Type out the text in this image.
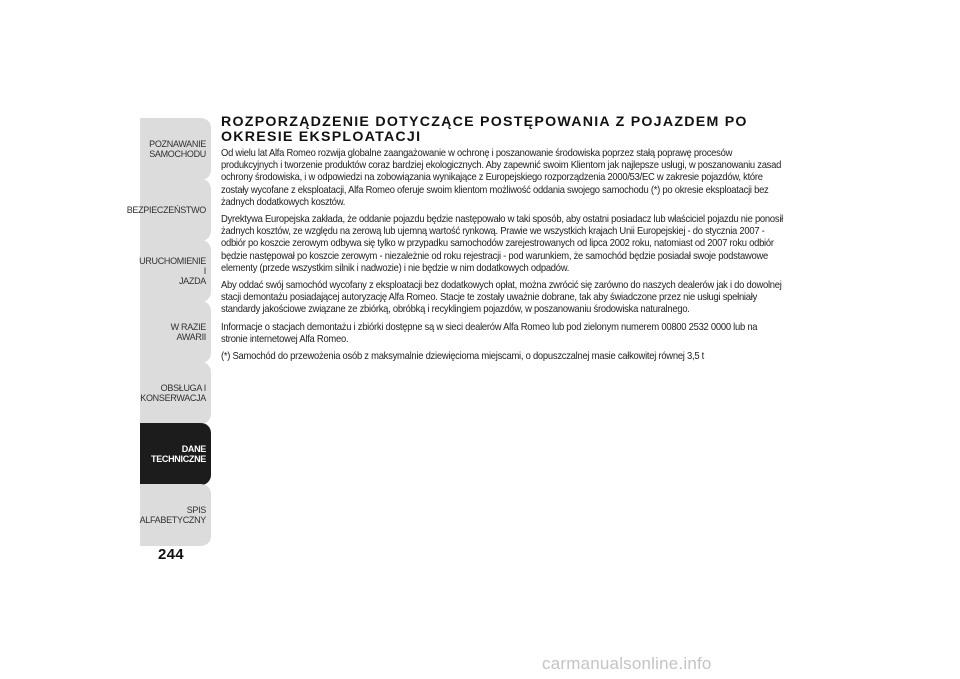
POZNAWANIE
SAMOCHODU
BEZPIECZEŃSTWO
URUCHOMIENIE I
JAZDA
W RAZIE AWARII
OBSŁUGA I
KONSERWACJA
DANE
TECHNICZNE
SPIS ALFABETYCZNY
244
ROZPORZĄDZENIE DOTYCZĄCE POSTĘPOWANIA Z POJAZDEM PO
OKRESIE EKSPLOATACJI

Od wielu lat Alfa Romeo rozwija globalne zaangażowanie w ochronę i poszanowanie środowiska poprzez stałą poprawę procesów
produkcyjnych i tworzenie produktów coraz bardziej ekologicznych. Aby zapewnić swoim Klientom jak najlepsze usługi, w poszanowaniu zasad
ochrony środowiska, i w odpowiedzi na zobowiązania wynikające z Europejskiego rozporządzenia 2000/53/EC w zakresie pojazdów, które
zostały wycofane z eksploatacji, Alfa Romeo oferuje swoim klientom możliwość oddania swojego samochodu (*) po okresie eksploatacji bez
żadnych dodatkowych kosztów.

Dyrektywa Europejska zakłada, że oddanie pojazdu będzie następowało w taki sposób, aby ostatni posiadacz lub właściciel pojazdu nie ponosił
żadnych kosztów, ze względu na zerową lub ujemną wartość rynkową. Prawie we wszystkich krajach Unii Europejskiej - do stycznia 2007 -
odbiór po koszcie zerowym odbywa się tylko w przypadku samochodów zarejestrowanych od lipca 2002 roku, natomiast od 2007 roku odbiór
będzie następował po koszcie zerowym - niezależnie od roku rejestracji - pod warunkiem, że samochód będzie posiadał swoje podstawowe
elementy (przede wszystkim silnik i nadwozie) i nie będzie w nim dodatkowych odpadów.

Aby oddać swój samochód wycofany z eksploatacji bez dodatkowych opłat, można zwrócić się zarówno do naszych dealerów jak i do dowolnej
stacji demontażu posiadającej autoryzację Alfa Romeo. Stacje te zostały uważnie dobrane, tak aby świadczone przez nie usługi spełniały
standardy jakościowe związane ze zbiórką, obróbką i recyklingiem pojazdów, w poszanowaniu środowiska naturalnego.

Informacje o stacjach demontażu i zbiórki dostępne są w sieci dealerów Alfa Romeo lub pod zielonym numerem 00800 2532 0000 lub na
stronie internetowej Alfa Romeo.

(*) Samochód do przewożenia osób z maksymalnie dziewięcioma miejscami, o dopuszczalnej masie całkowitej równej 3,5 t

carmanualsonline.info
